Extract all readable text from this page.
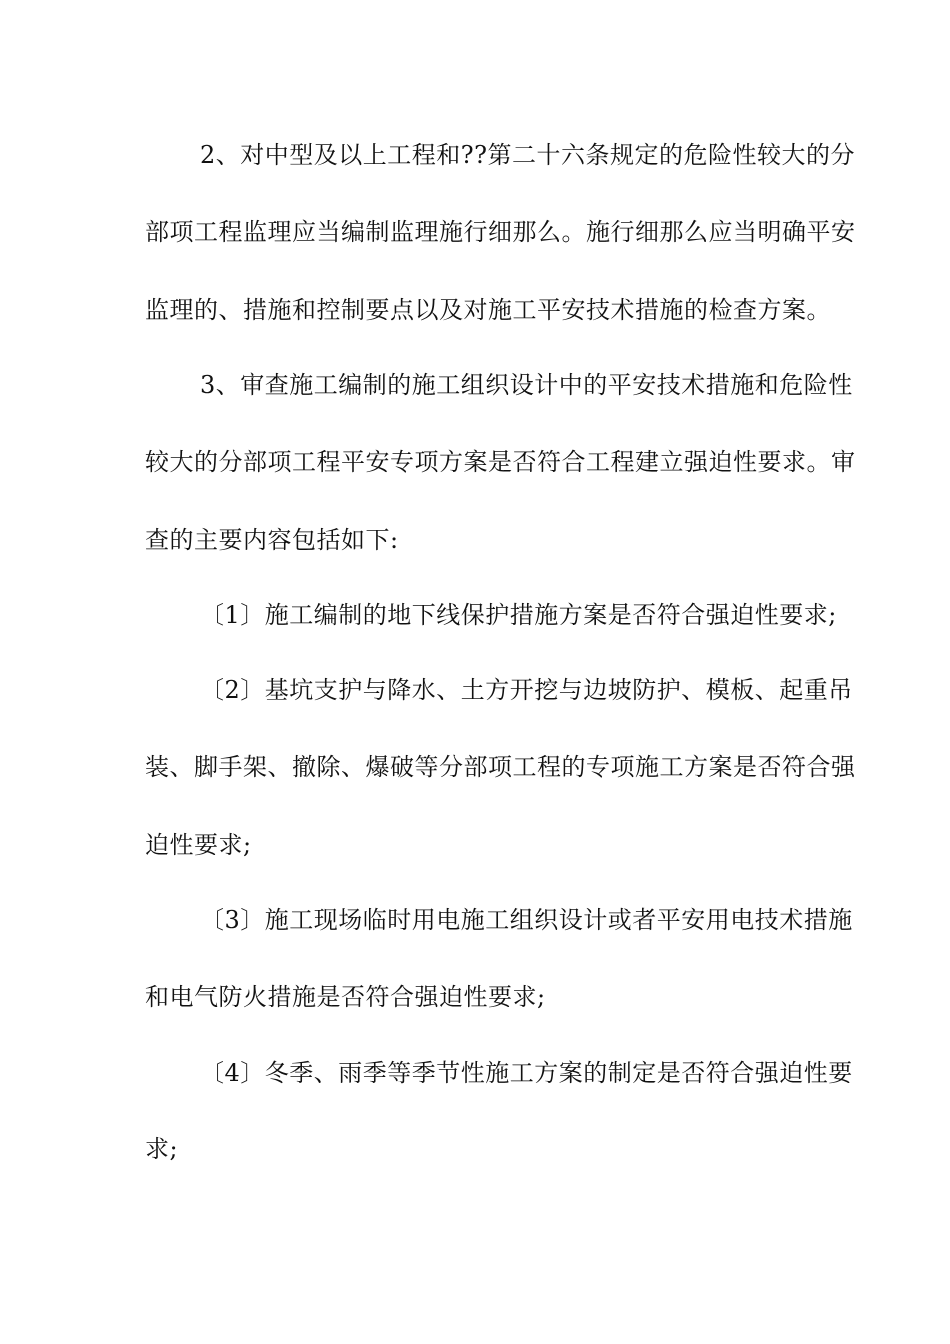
2、对中型及以上工程和??第二十六条规定的危险性较大的分
部项工程监理应当编制监理施行细那么。施行细那么应当明确平安
监理的、措施和控制要点以及对施工平安技术措施的检查方案。
3、审查施工编制的施工组织设计中的平安技术措施和危险性
较大的分部项工程平安专项方案是否符合工程建立强迫性要求。审
查的主要内容包括如下:
〔1〕施工编制的地下线保护措施方案是否符合强迫性要求;
〔2〕基坑支护与降水、土方开挖与边坡防护、模板、起重吊
装、脚手架、撤除、爆破等分部项工程的专项施工方案是否符合强
迫性要求;
〔3〕施工现场临时用电施工组织设计或者平安用电技术措施
和电气防火措施是否符合强迫性要求;
〔4〕冬季、雨季等季节性施工方案的制定是否符合强迫性要
求;
